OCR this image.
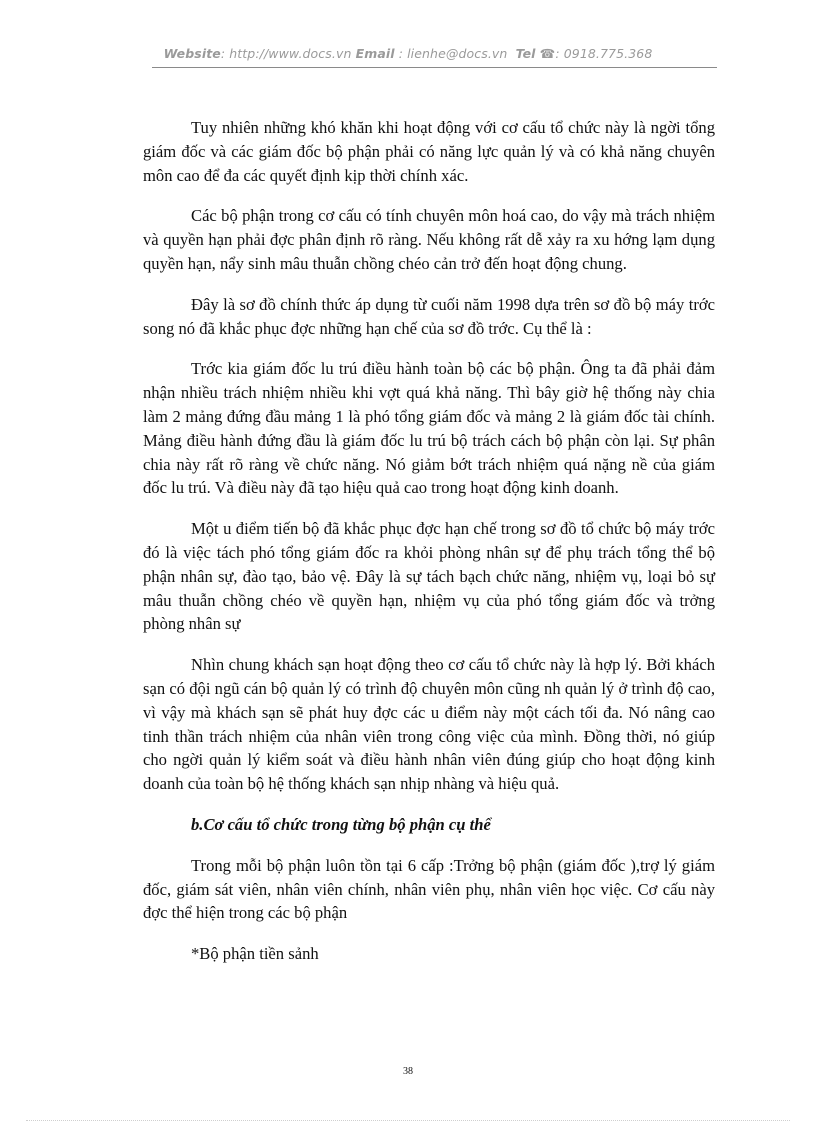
Website: http://www.docs.vn Email : lienhe@docs.vn Tel ☎: 0918.775.368

Tuy nhiên những khó khăn khi hoạt động với cơ cấu tổ chức này là ngời tổng giám đốc và các giám đốc bộ phận phải có năng lực quản lý và có khả năng chuyên môn cao để đa các quyết định kịp thời chính xác.

Các bộ phận trong cơ cấu có tính chuyên môn hoá cao, do vậy mà trách nhiệm và quyền hạn phải đợc phân định rõ ràng. Nếu không rất dễ xảy ra xu hớng lạm dụng quyền hạn, nẩy sinh mâu thuẫn chồng chéo cản trở đến hoạt động chung.

Đây là sơ đồ chính thức áp dụng từ cuối năm 1998 dựa trên sơ đồ bộ máy trớc song nó đã khắc phục đợc những hạn chế của sơ đồ trớc. Cụ thể là :

Trớc kia giám đốc lu trú điều hành toàn bộ các bộ phận. Ông ta đã phải đảm nhận nhiều trách nhiệm nhiều khi vợt quá khả năng. Thì bây giờ hệ thống này chia làm 2 mảng đứng đầu mảng 1 là phó tổng giám đốc và mảng 2 là giám đốc tài chính. Mảng điều hành đứng đầu là giám đốc lu trú bộ trách cách bộ phận còn lại. Sự phân chia này rất rõ ràng về chức năng. Nó giảm bớt trách nhiệm quá nặng nề của giám đốc lu trú. Và điều này đã tạo hiệu quả cao trong hoạt động kinh doanh.

Một u điểm tiến bộ đã khắc phục đợc hạn chế trong sơ đồ tổ chức bộ máy trớc đó là việc tách phó tổng giám đốc ra khỏi phòng nhân sự để phụ trách tổng thể bộ phận nhân sự, đào tạo, bảo vệ. Đây là sự tách bạch chức năng, nhiệm vụ, loại bỏ sự mâu thuẫn chồng chéo về quyền hạn, nhiệm vụ của phó tổng giám đốc và trởng phòng nhân sự

Nhìn chung khách sạn hoạt động theo cơ cấu tổ chức này là hợp lý. Bởi khách sạn có đội ngũ cán bộ quản lý có trình độ chuyên môn cũng nh quản lý ở trình độ cao, vì vậy mà khách sạn sẽ phát huy đợc các u điểm này một cách tối đa. Nó nâng cao tinh thần trách nhiệm của nhân viên trong công việc của mình. Đồng thời, nó giúp cho ngời quản lý kiểm soát và điều hành nhân viên đúng giúp cho hoạt động kinh doanh của toàn bộ hệ thống khách sạn nhịp nhàng và hiệu quả.

b.Cơ cấu tổ chức trong từng bộ phận cụ thể

Trong mỗi bộ phận luôn tồn tại 6 cấp :Trởng bộ phận (giám đốc ),trợ lý giám đốc, giám sát viên, nhân viên chính, nhân viên phụ, nhân viên học việc. Cơ cấu này đợc thể hiện trong các bộ phận

*Bộ phận tiền sảnh

38
